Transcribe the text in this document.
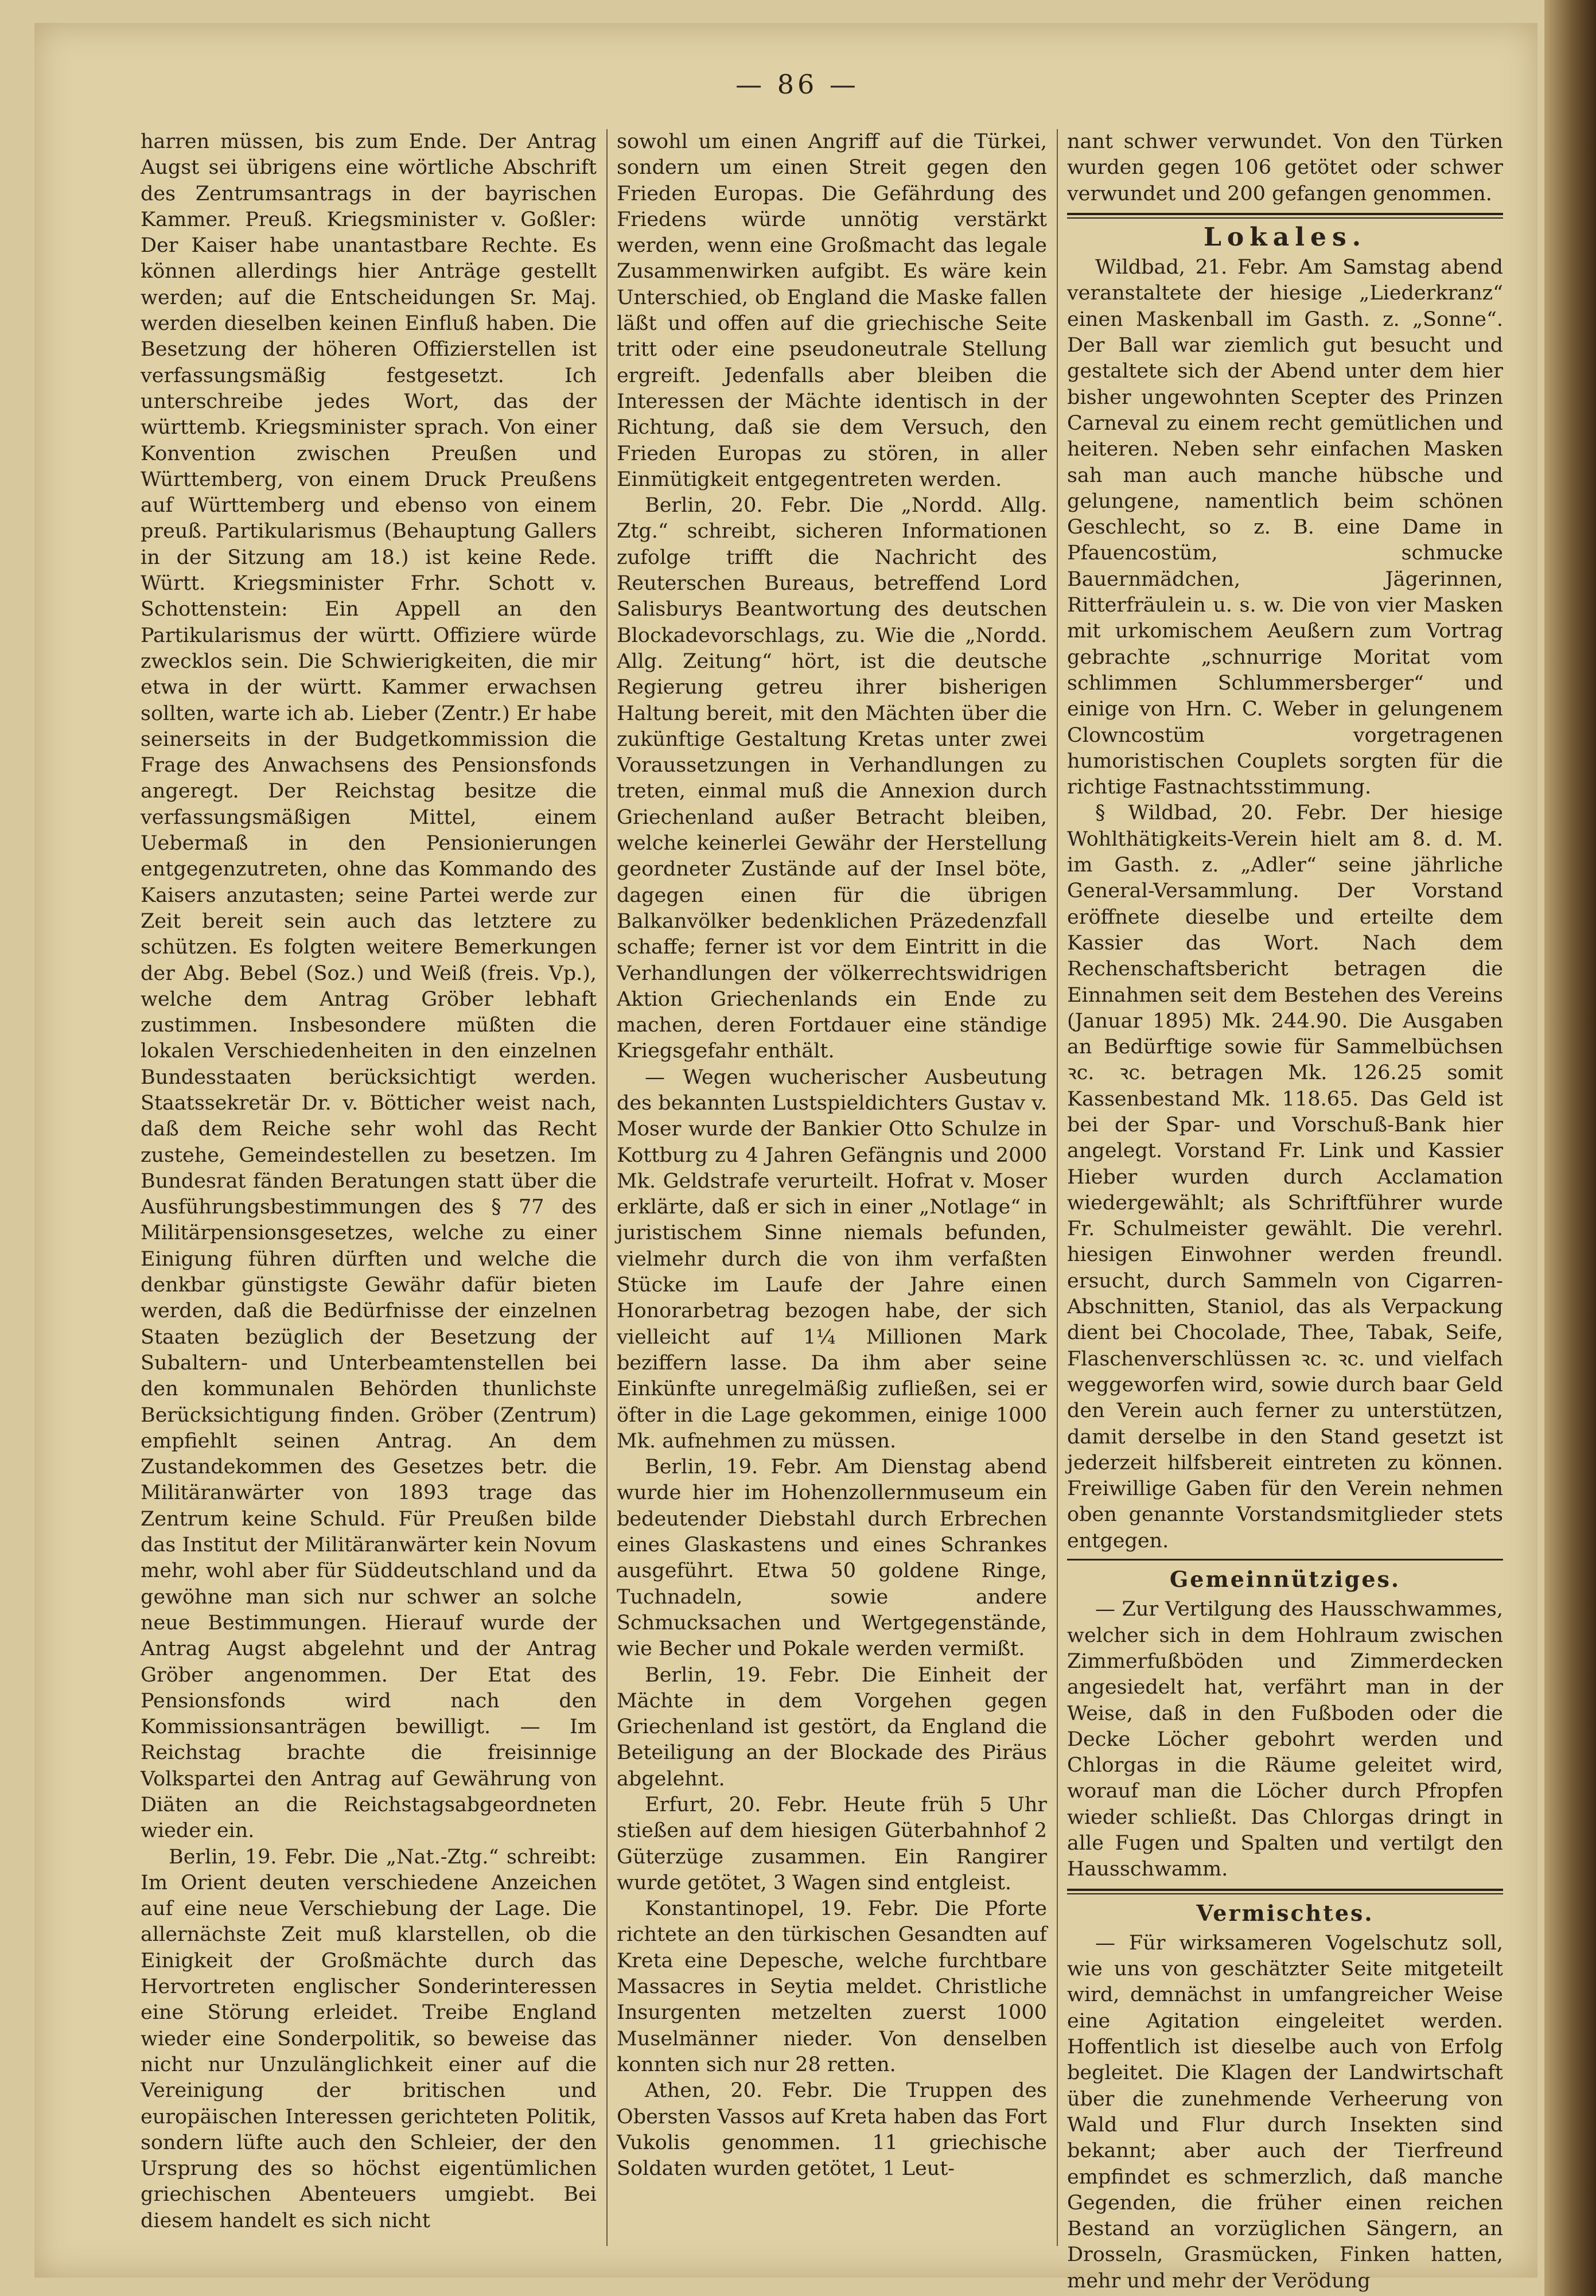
— 86 —

harren müssen, bis zum Ende. Der Antrag Augst sei übrigens eine wörtliche Abschrift des Zentrumsantrags in der bayrischen Kammer. Preuß. Kriegsminister v. Goßler: Der Kaiser habe unantastbare Rechte. Es können allerdings hier Anträge gestellt werden; auf die Entscheidungen Sr. Maj. werden dieselben keinen Einfluß haben. Die Besetzung der höheren Offizierstellen ist verfassungsmäßig festgesetzt. Ich unterschreibe jedes Wort, das der württemb. Kriegsminister sprach. Von einer Konvention zwischen Preußen und Württemberg, von einem Druck Preußens auf Württemberg und ebenso von einem preuß. Partikularismus (Behauptung Gallers in der Sitzung am 18.) ist keine Rede. Württ. Kriegsminister Frhr. Schott v. Schottenstein: Ein Appell an den Partikularismus der württ. Offiziere würde zwecklos sein. Die Schwierigkeiten, die mir etwa in der württ. Kammer erwachsen sollten, warte ich ab. Lieber (Zentr.) Er habe seinerseits in der Budgetkommission die Frage des Anwachsens des Pensionsfonds angeregt. Der Reichstag besitze die verfassungsmäßigen Mittel, einem Uebermaß in den Pensionierungen entgegenzutreten, ohne das Kommando des Kaisers anzutasten; seine Partei werde zur Zeit bereit sein auch das letztere zu schützen. Es folgten weitere Bemerkungen der Abg. Bebel (Soz.) und Weiß (freis. Vp.), welche dem Antrag Gröber lebhaft zustimmen. Insbesondere müßten die lokalen Verschiedenheiten in den einzelnen Bundesstaaten berücksichtigt werden. Staatssekretär Dr. v. Bötticher weist nach, daß dem Reiche sehr wohl das Recht zustehe, Gemeindestellen zu besetzen. Im Bundesrat fänden Beratungen statt über die Ausführungsbestimmungen des § 77 des Militärpensionsgesetzes, welche zu einer Einigung führen dürften und welche die denkbar günstigste Gewähr dafür bieten werden, daß die Bedürfnisse der einzelnen Staaten bezüglich der Besetzung der Subaltern- und Unterbeamtenstellen bei den kommunalen Behörden thunlichste Berücksichtigung finden. Gröber (Zentrum) empfiehlt seinen Antrag. An dem Zustandekommen des Gesetzes betr. die Militäranwärter von 1893 trage das Zentrum keine Schuld. Für Preußen bilde das Institut der Militäranwärter kein Novum mehr, wohl aber für Süddeutschland und da gewöhne man sich nur schwer an solche neue Bestimmungen. Hierauf wurde der Antrag Augst abgelehnt und der Antrag Gröber angenommen. Der Etat des Pensionsfonds wird nach den Kommissionsanträgen bewilligt. — Im Reichstag brachte die freisinnige Volkspartei den Antrag auf Gewährung von Diäten an die Reichstagsabgeordneten wieder ein.

Berlin, 19. Febr. Die „Nat.-Ztg.“ schreibt: Im Orient deuten verschiedene Anzeichen auf eine neue Verschiebung der Lage. Die allernächste Zeit muß klarstellen, ob die Einigkeit der Großmächte durch das Hervortreten englischer Sonderinteressen eine Störung erleidet. Treibe England wieder eine Sonderpolitik, so beweise das nicht nur Unzulänglichkeit einer auf die Vereinigung der britischen und europäischen Interessen gerichteten Politik, sondern lüfte auch den Schleier, der den Ursprung des so höchst eigentümlichen griechischen Abenteuers umgiebt. Bei diesem handelt es sich nicht

sowohl um einen Angriff auf die Türkei, sondern um einen Streit gegen den Frieden Europas. Die Gefährdung des Friedens würde unnötig verstärkt werden, wenn eine Großmacht das legale Zusammenwirken aufgibt. Es wäre kein Unterschied, ob England die Maske fallen läßt und offen auf die griechische Seite tritt oder eine pseudoneutrale Stellung ergreift. Jedenfalls aber bleiben die Interessen der Mächte identisch in der Richtung, daß sie dem Versuch, den Frieden Europas zu stören, in aller Einmütigkeit entgegentreten werden.

Berlin, 20. Febr. Die „Nordd. Allg. Ztg.“ schreibt, sicheren Informationen zufolge trifft die Nachricht des Reuterschen Bureaus, betreffend Lord Salisburys Beantwortung des deutschen Blockadevorschlags, zu. Wie die „Nordd. Allg. Zeitung“ hört, ist die deutsche Regierung getreu ihrer bisherigen Haltung bereit, mit den Mächten über die zukünftige Gestaltung Kretas unter zwei Voraussetzungen in Verhandlungen zu treten, einmal muß die Annexion durch Griechenland außer Betracht bleiben, welche keinerlei Gewähr der Herstellung geordneter Zustände auf der Insel böte, dagegen einen für die übrigen Balkanvölker bedenklichen Präzedenzfall schaffe; ferner ist vor dem Eintritt in die Verhandlungen der völkerrechtswidrigen Aktion Griechenlands ein Ende zu machen, deren Fortdauer eine ständige Kriegsgefahr enthält.

— Wegen wucherischer Ausbeutung des bekannten Lustspieldichters Gustav v. Moser wurde der Bankier Otto Schulze in Kottburg zu 4 Jahren Gefängnis und 2000 Mk. Geldstrafe verurteilt. Hofrat v. Moser erklärte, daß er sich in einer „Notlage“ in juristischem Sinne niemals befunden, vielmehr durch die von ihm verfaßten Stücke im Laufe der Jahre einen Honorarbetrag bezogen habe, der sich vielleicht auf 1¼ Millionen Mark beziffern lasse. Da ihm aber seine Einkünfte unregelmäßig zufließen, sei er öfter in die Lage gekommen, einige 1000 Mk. aufnehmen zu müssen.

Berlin, 19. Febr. Am Dienstag abend wurde hier im Hohenzollernmuseum ein bedeutender Diebstahl durch Erbrechen eines Glaskastens und eines Schrankes ausgeführt. Etwa 50 goldene Ringe, Tuchnadeln, sowie andere Schmucksachen und Wertgegenstände, wie Becher und Pokale werden vermißt.

Berlin, 19. Febr. Die Einheit der Mächte in dem Vorgehen gegen Griechenland ist gestört, da England die Beteiligung an der Blockade des Piräus abgelehnt.

Erfurt, 20. Febr. Heute früh 5 Uhr stießen auf dem hiesigen Güterbahnhof 2 Güterzüge zusammen. Ein Rangirer wurde getötet, 3 Wagen sind entgleist.

Konstantinopel, 19. Febr. Die Pforte richtete an den türkischen Gesandten auf Kreta eine Depesche, welche furchtbare Massacres in Seytia meldet. Christliche Insurgenten metzelten zuerst 1000 Muselmänner nieder. Von denselben konnten sich nur 28 retten.

Athen, 20. Febr. Die Truppen des Obersten Vassos auf Kreta haben das Fort Vukolis genommen. 11 griechische Soldaten wurden getötet, 1 Leut-

nant schwer verwundet. Von den Türken wurden gegen 106 getötet oder schwer verwundet und 200 gefangen genommen.

Lokales.

Wildbad, 21. Febr. Am Samstag abend veranstaltete der hiesige „Liederkranz“ einen Maskenball im Gasth. z. „Sonne“. Der Ball war ziemlich gut besucht und gestaltete sich der Abend unter dem hier bisher ungewohnten Scepter des Prinzen Carneval zu einem recht gemütlichen und heiteren. Neben sehr einfachen Masken sah man auch manche hübsche und gelungene, namentlich beim schönen Geschlecht, so z. B. eine Dame in Pfauencostüm, schmucke Bauernmädchen, Jägerinnen, Ritterfräulein u. s. w. Die von vier Masken mit urkomischem Aeußern zum Vortrag gebrachte „schnurrige Moritat vom schlimmen Schlummersberger“ und einige von Hrn. C. Weber in gelungenem Clowncostüm vorgetragenen humoristischen Couplets sorgten für die richtige Fastnachtsstimmung.

§ Wildbad, 20. Febr. Der hiesige Wohlthätigkeits-Verein hielt am 8. d. M. im Gasth. z. „Adler“ seine jährliche General-Versammlung. Der Vorstand eröffnete dieselbe und erteilte dem Kassier das Wort. Nach dem Rechenschaftsbericht betragen die Einnahmen seit dem Bestehen des Vereins (Januar 1895) Mk. 244.90. Die Ausgaben an Bedürftige sowie für Sammelbüchsen ꝛc. ꝛc. betragen Mk. 126.25 somit Kassenbestand Mk. 118.65. Das Geld ist bei der Spar- und Vorschuß-Bank hier angelegt. Vorstand Fr. Link und Kassier Hieber wurden durch Acclamation wiedergewählt; als Schriftführer wurde Fr. Schulmeister gewählt. Die verehrl. hiesigen Einwohner werden freundl. ersucht, durch Sammeln von Cigarren-Abschnitten, Staniol, das als Verpackung dient bei Chocolade, Thee, Tabak, Seife, Flaschenverschlüssen ꝛc. ꝛc. und vielfach weggeworfen wird, sowie durch baar Geld den Verein auch ferner zu unterstützen, damit derselbe in den Stand gesetzt ist jederzeit hilfsbereit eintreten zu können. Freiwillige Gaben für den Verein nehmen oben genannte Vorstandsmitglieder stets entgegen.

Gemeinnütziges.

— Zur Vertilgung des Hausschwammes, welcher sich in dem Hohlraum zwischen Zimmerfußböden und Zimmerdecken angesiedelt hat, verfährt man in der Weise, daß in den Fußboden oder die Decke Löcher gebohrt werden und Chlorgas in die Räume geleitet wird, worauf man die Löcher durch Pfropfen wieder schließt. Das Chlorgas dringt in alle Fugen und Spalten und vertilgt den Hausschwamm.

Vermischtes.

— Für wirksameren Vogelschutz soll, wie uns von geschätzter Seite mitgeteilt wird, demnächst in umfangreicher Weise eine Agitation eingeleitet werden. Hoffentlich ist dieselbe auch von Erfolg begleitet. Die Klagen der Landwirtschaft über die zunehmende Verheerung von Wald und Flur durch Insekten sind bekannt; aber auch der Tierfreund empfindet es schmerzlich, daß manche Gegenden, die früher einen reichen Bestand an vorzüglichen Sängern, an Drosseln, Grasmücken, Finken hatten, mehr und mehr der Verödung
